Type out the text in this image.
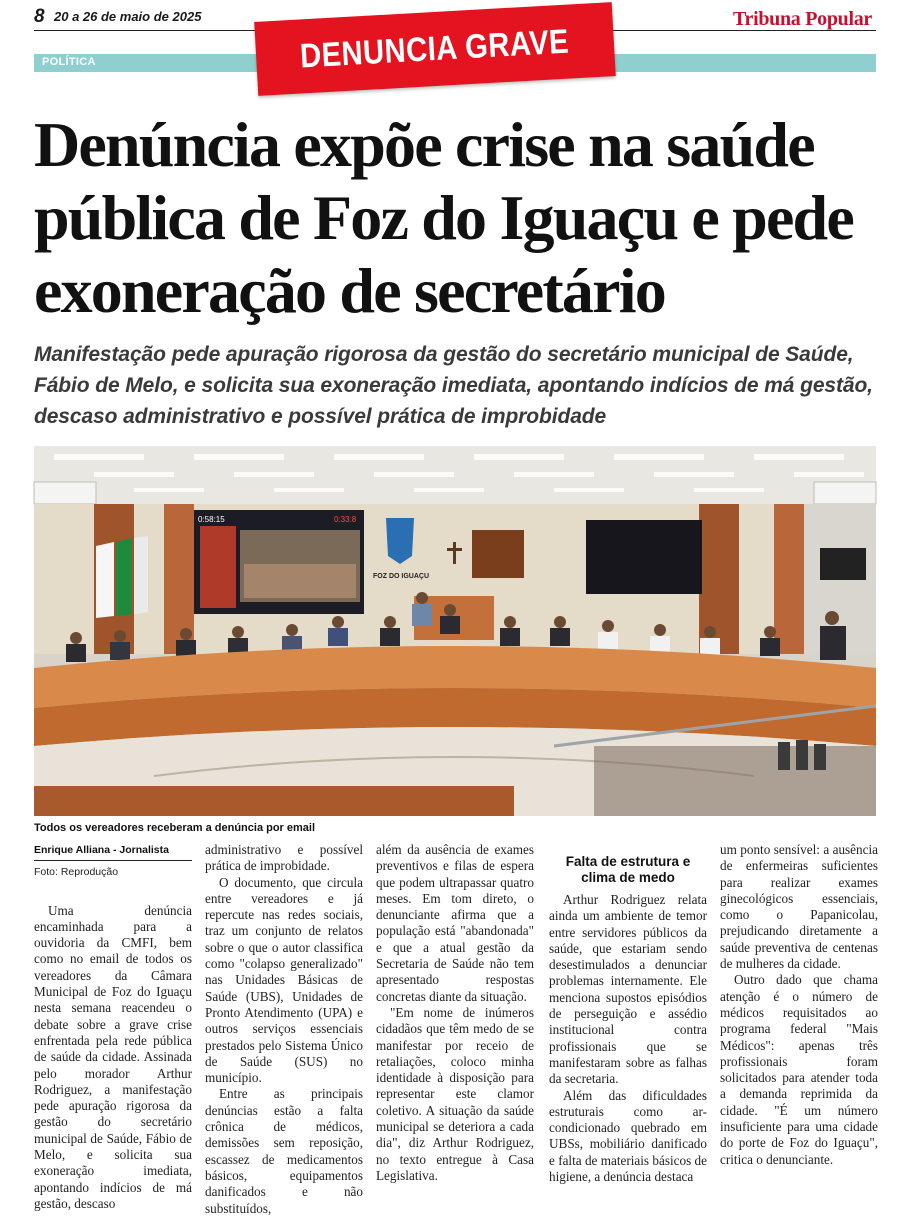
8 20 a 26 de maio de 2025	Tribuna Popular
POLÍTICA	DENUNCIA GRAVE
Denúncia expõe crise na saúde pública de Foz do Iguaçu e pede exoneração de secretário
Manifestação pede apuração rigorosa da gestão do secretário municipal de Saúde, Fábio de Melo, e solicita sua exoneração imediata, apontando indícios de má gestão, descaso administrativo e possível prática de improbidade
0:58:15	0:33:8
FOZ DO IGUAÇU
Todos os vereadores receberam a denúncia por email
Enrique Alliana - Jornalista
Foto: Reprodução

Uma denúncia encaminhada para a ouvidoria da CMFI, bem como no email de todos os vereadores da Câmara Municipal de Foz do Iguaçu nesta semana reacendeu o debate sobre a grave crise enfrentada pela rede pública de saúde da cidade. Assinada pelo morador Arthur Rodriguez, a manifestação pede apuração rigorosa da gestão do secretário municipal de Saúde, Fábio de Melo, e solicita sua exoneração imediata, apontando indícios de má gestão, descaso

administrativo e possível prática de improbidade.

O documento, que circula entre vereadores e já repercute nas redes sociais, traz um conjunto de relatos sobre o que o autor classifica como "colapso generalizado" nas Unidades Básicas de Saúde (UBS), Unidades de Pronto Atendimento (UPA) e outros serviços essenciais prestados pelo Sistema Único de Saúde (SUS) no município.

Entre as principais denúncias estão a falta crônica de médicos, demissões sem reposição, escassez de medicamentos básicos, equipamentos danificados e não substituídos,

além da ausência de exames preventivos e filas de espera que podem ultrapassar quatro meses. Em tom direto, o denunciante afirma que a população está "abandonada" e que a atual gestão da Secretaria de Saúde não tem apresentado respostas concretas diante da situação.

"Em nome de inúmeros cidadãos que têm medo de se manifestar por receio de retaliações, coloco minha identidade à disposição para representar este clamor coletivo. A situação da saúde municipal se deteriora a cada dia", diz Arthur Rodriguez, no texto entregue à Casa Legislativa.

Falta de estrutura e clima de medo

Arthur Rodriguez relata ainda um ambiente de temor entre servidores públicos da saúde, que estariam sendo desestimulados a denunciar problemas internamente. Ele menciona supostos episódios de perseguição e assédio institucional contra profissionais que se manifestaram sobre as falhas da secretaria.

Além das dificuldades estruturais como ar-condicionado quebrado em UBSs, mobiliário danificado e falta de materiais básicos de higiene, a denúncia destaca

um ponto sensível: a ausência de enfermeiras suficientes para realizar exames ginecológicos essenciais, como o Papanicolau, prejudicando diretamente a saúde preventiva de centenas de mulheres da cidade.

Outro dado que chama atenção é o número de médicos requisitados ao programa federal "Mais Médicos": apenas três profissionais foram solicitados para atender toda a demanda reprimida da cidade. "É um número insuficiente para uma cidade do porte de Foz do Iguaçu", critica o denunciante.
